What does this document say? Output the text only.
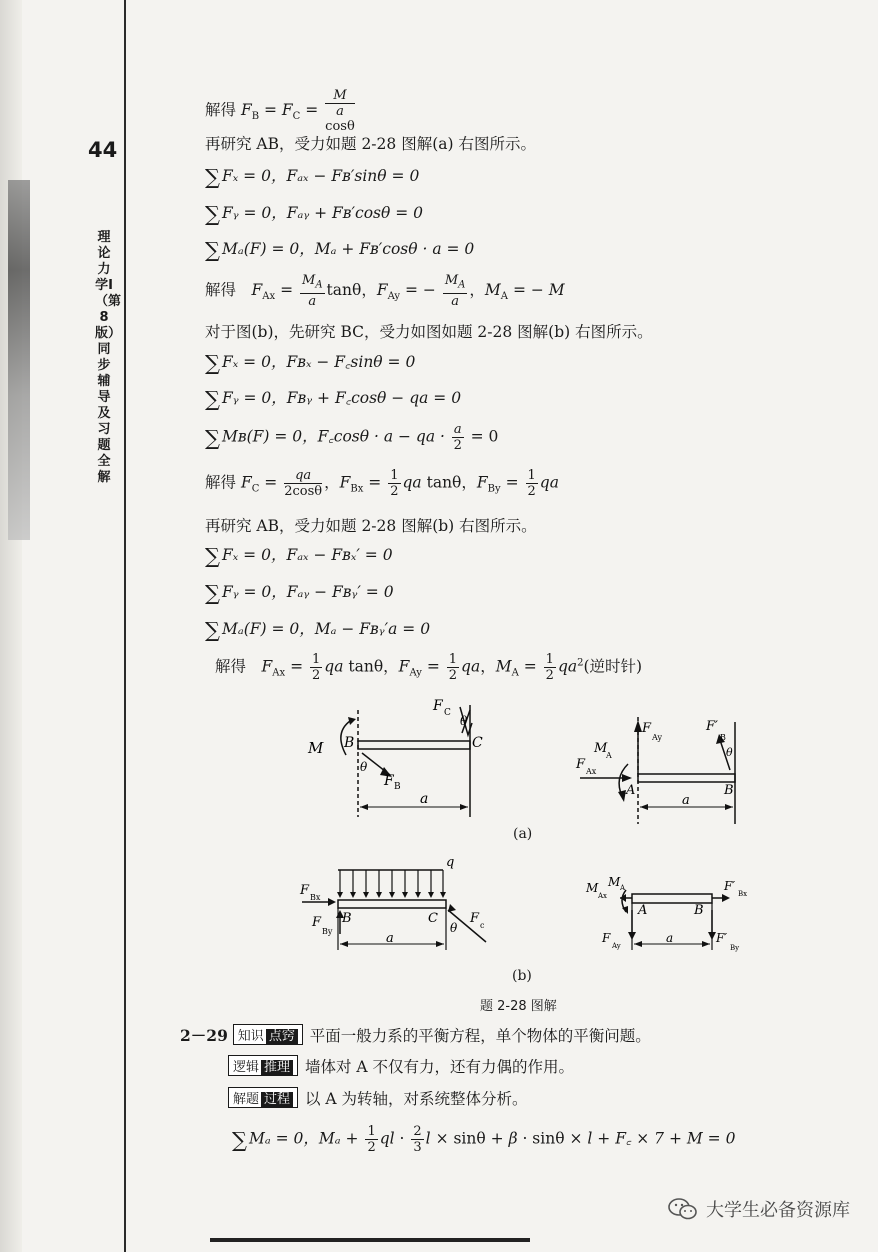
44
理论力学Ⅰ（第8版）同步辅导及习题全解
解得 $F_B = F_C$ =
M
a
cosθ
再研究 AB，受力如题 2-28 图解(a) 右图所示。
∑ Fₓ = 0，Fₐₓ − Fʙ′sinθ = 0
∑ Fᵧ = 0，Fₐᵧ + Fʙ′cosθ = 0
∑ Mₐ(F) = 0，Mₐ + Fʙ′cosθ · a = 0
解得　$F_{Ax} = \frac{M_A}{a}$ tanθ，$F_{Ay}$ = − $\frac{M_A}{a}$ ，$M_A$ = − M
对于图(b)，先研究 BC，受力如图如题 2-28 图解(b) 右图所示。
∑ Fₓ = 0，Fʙₓ − F꜀sinθ = 0
∑ Fᵧ = 0，Fʙᵧ + F꜀cosθ − qa = 0
∑ Mʙ(F) = 0，F꜀cosθ · a − qa · $\frac{a}{2} = 0$
解得 $F_C = \frac{qa}{2\cos\theta}$ ，$F_{Bx} = \frac{1}{2}$ qa tanθ，$F_{By} = \frac{1}{2}$ qa
再研究 AB，受力如题 2-28 图解(b) 右图所示。
∑ Fₓ = 0，Fₐₓ − Fʙₓ′ = 0
∑ Fᵧ = 0，Fₐᵧ − Fʙᵧ′ = 0
∑ Mₐ(F) = 0，Mₐ − Fʙᵧ′a = 0
解得　$F_{Ax} = \frac{1}{2}$ qa tanθ，$F_{Ay} = \frac{1}{2}$ qa，$M_A = \frac{1}{2} qa^2$(逆时针)
M B	C
F C
θ
θ
F B
a
F
Ay
M
A
F Ax
F′
B
θ
A	B
a
(a)
q
F Bx
F
By
B	C
θ
F c
a
M
Ax
M A
A	B
F′
Bx
F
Ay
a	F′
By
(b)
题 2-28 图解
2－29 知识 点窍 平面一般力系的平衡方程，单个物体的平衡问题。
逻辑 推理 墙体对 A 不仅有力，还有力偶的作用。
解题 过程 以 A 为转轴，对系统整体分析。
∑ Mₐ = 0，$M_a + \frac{1}{2}$ ql · $\frac{2}{3}$ l × sinθ + β · sinθ × l + F꜀ × 7 + M = 0
大学生必备资源库
